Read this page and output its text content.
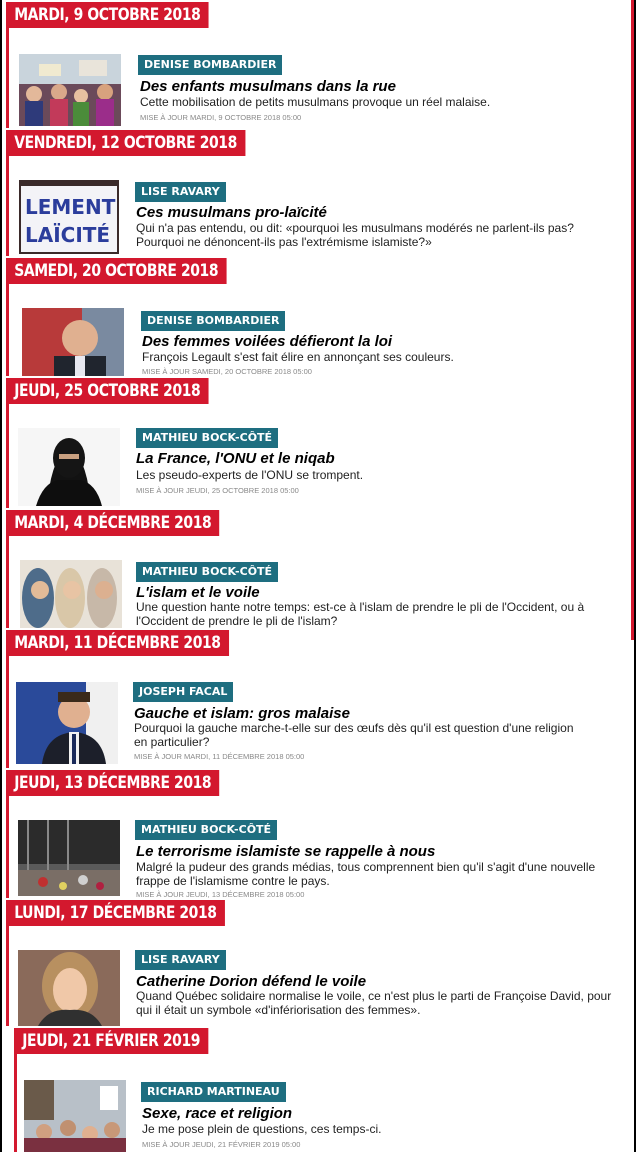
MARDI, 9 OCTOBRE 2018
DENISE BOMBARDIER
Des enfants musulmans dans la rue
Cette mobilisation de petits musulmans provoque un réel malaise.
MISE À JOUR MARDI, 9 OCTOBRE 2018 05:00
VENDREDI, 12 OCTOBRE 2018
LEMENT
LAÏCITÉ
LISE RAVARY
Ces musulmans pro-laïcité
Qui n'a pas entendu, ou dit: «pourquoi les musulmans modérés ne parlent-ils pas? Pourquoi ne dénoncent-ils pas l'extrémisme islamiste?»
SAMEDI, 20 OCTOBRE 2018
DENISE BOMBARDIER
Des femmes voilées défieront la loi
François Legault s'est fait élire en annonçant ses couleurs.
MISE À JOUR SAMEDI, 20 OCTOBRE 2018 05:00
JEUDI, 25 OCTOBRE 2018
MATHIEU BOCK-CÔTÉ
La France, l'ONU et le niqab
Les pseudo-experts de l'ONU se trompent.
MISE À JOUR JEUDI, 25 OCTOBRE 2018 05:00
MARDI, 4 DÉCEMBRE 2018
MATHIEU BOCK-CÔTÉ
L'islam et le voile
Une question hante notre temps: est-ce à l'islam de prendre le pli de l'Occident, ou à l'Occident de prendre le pli de l'islam?
MARDI, 11 DÉCEMBRE 2018
JOSEPH FACAL
Gauche et islam: gros malaise
Pourquoi la gauche marche-t-elle sur des œufs dès qu'il est question d'une religion en particulier?
MISE À JOUR MARDI, 11 DÉCEMBRE 2018 05:00
JEUDI, 13 DÉCEMBRE 2018
MATHIEU BOCK-CÔTÉ
Le terrorisme islamiste se rappelle à nous
Malgré la pudeur des grands médias, tous comprennent bien qu'il s'agit d'une nouvelle frappe de l'islamisme contre le pays.
MISE À JOUR JEUDI, 13 DÉCEMBRE 2018 05:00
LUNDI, 17 DÉCEMBRE 2018
LISE RAVARY
Catherine Dorion défend le voile
Quand Québec solidaire normalise le voile, ce n'est plus le parti de Françoise David, pour qui il était un symbole «d'infériorisation des femmes».
JEUDI, 21 FÉVRIER 2019
RICHARD MARTINEAU
Sexe, race et religion
Je me pose plein de questions, ces temps-ci.
MISE À JOUR JEUDI, 21 FÉVRIER 2019 05:00
